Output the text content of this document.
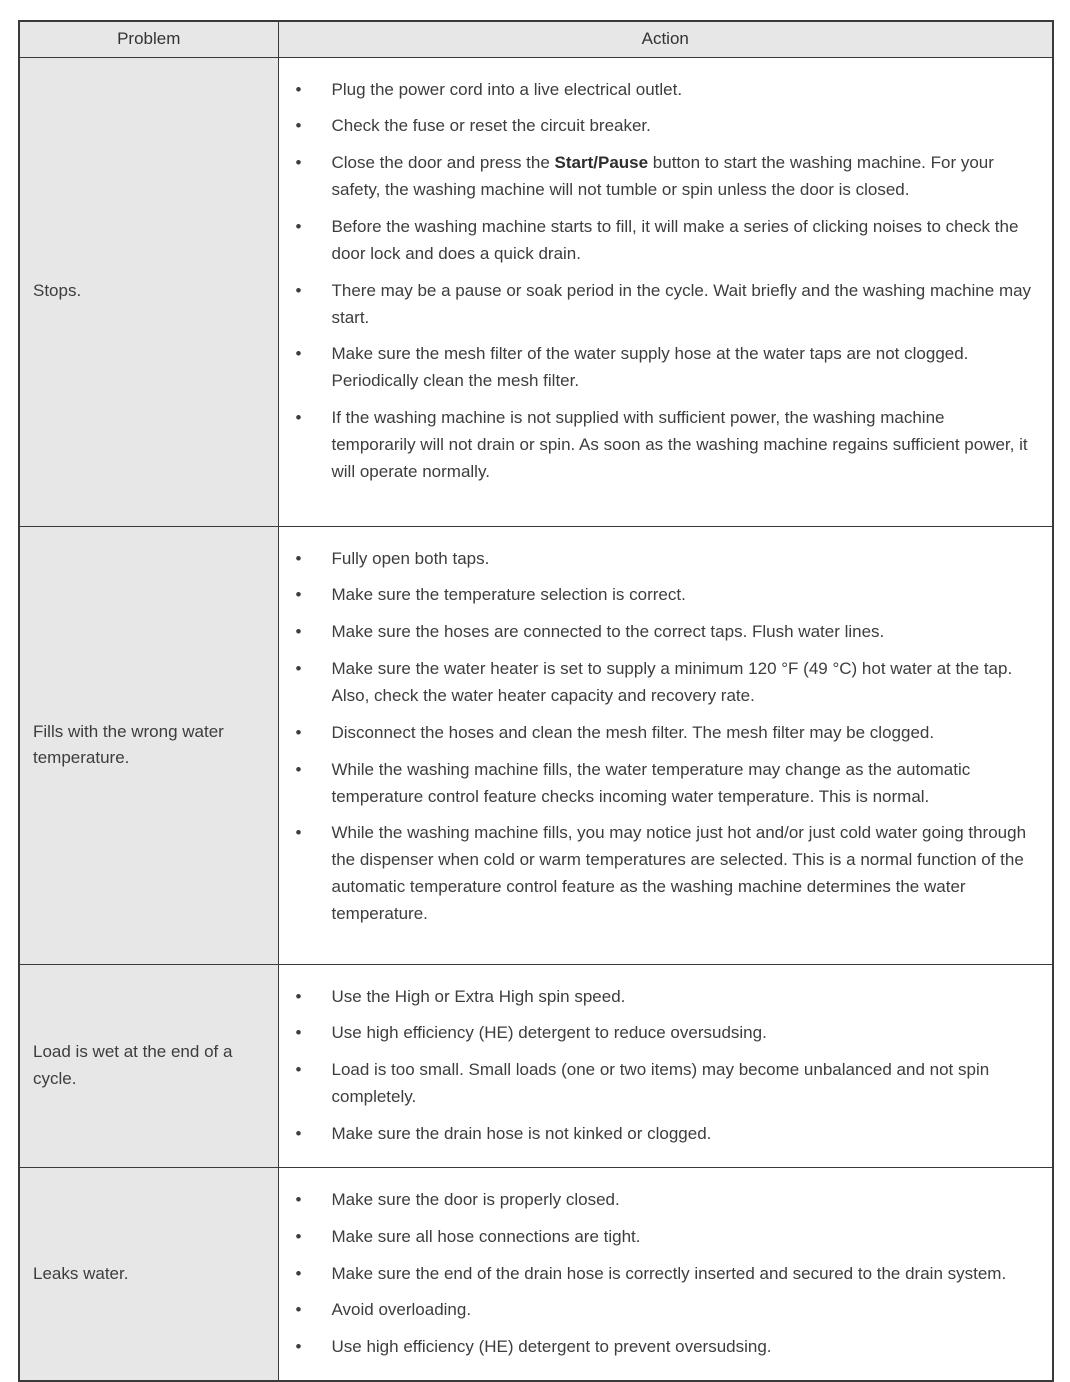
Problem	Action
Stops.	
• Plug the power cord into a live electrical outlet.
• Check the fuse or reset the circuit breaker.
• Close the door and press the Start/Pause button to start the washing machine. For your safety, the washing machine will not tumble or spin unless the door is closed.
• Before the washing machine starts to fill, it will make a series of clicking noises to check the door lock and does a quick drain.
• There may be a pause or soak period in the cycle. Wait briefly and the washing machine may start.
• Make sure the mesh filter of the water supply hose at the water taps are not clogged. Periodically clean the mesh filter.
• If the washing machine is not supplied with sufficient power, the washing machine temporarily will not drain or spin. As soon as the washing machine regains sufficient power, it will operate normally.

Fills with the wrong water temperature.	
• Fully open both taps.
• Make sure the temperature selection is correct.
• Make sure the hoses are connected to the correct taps. Flush water lines.
• Make sure the water heater is set to supply a minimum 120 °F (49 °C) hot water at the tap. Also, check the water heater capacity and recovery rate.
• Disconnect the hoses and clean the mesh filter. The mesh filter may be clogged.
• While the washing machine fills, the water temperature may change as the automatic temperature control feature checks incoming water temperature. This is normal.
• While the washing machine fills, you may notice just hot and/or just cold water going through the dispenser when cold or warm temperatures are selected. This is a normal function of the automatic temperature control feature as the washing machine determines the water temperature.

Load is wet at the end of a cycle.	
• Use the High or Extra High spin speed.
• Use high efficiency (HE) detergent to reduce oversudsing.
• Load is too small. Small loads (one or two items) may become unbalanced and not spin completely.
• Make sure the drain hose is not kinked or clogged.

Leaks water.	
• Make sure the door is properly closed.
• Make sure all hose connections are tight.
• Make sure the end of the drain hose is correctly inserted and secured to the drain system.
• Avoid overloading.
• Use high efficiency (HE) detergent to prevent oversudsing.
